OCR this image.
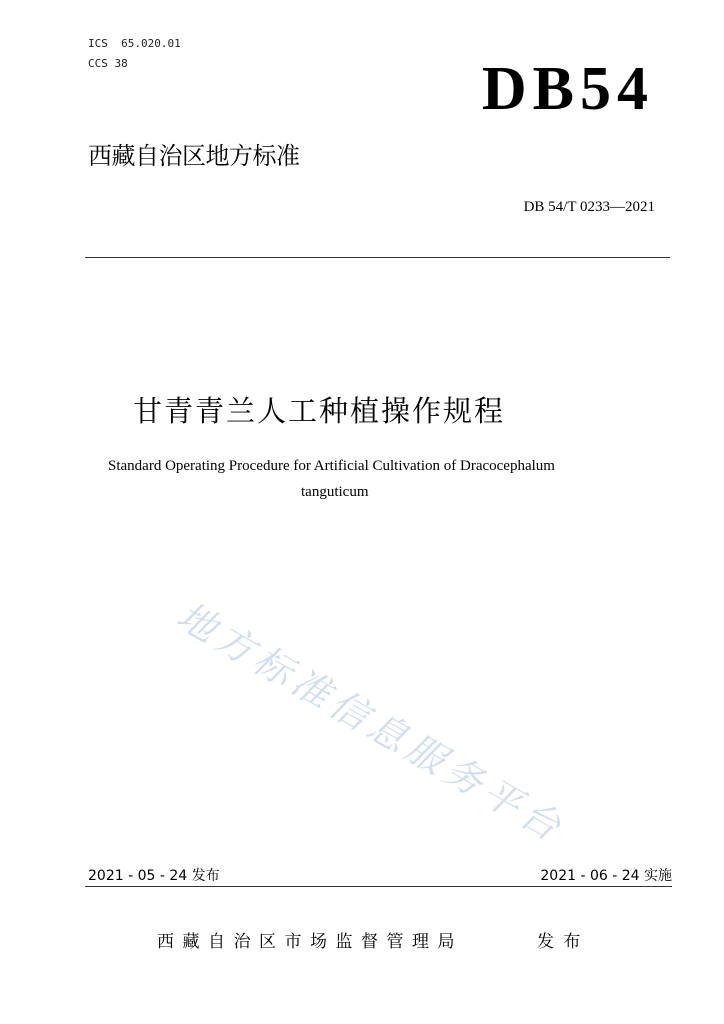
ICS  65.020.01
CCS 38	DB54
西藏自治区地方标准
DB 54/T 0233—2021
甘青青兰人工种植操作规程
Standard Operating Procedure for Artificial Cultivation of Dracocephalum
tanguticum
地方标准信息服务平台
2021 - 05 - 24 发布	2021 - 06 - 24 实施
西藏自治区市场监督管理局	发 布
